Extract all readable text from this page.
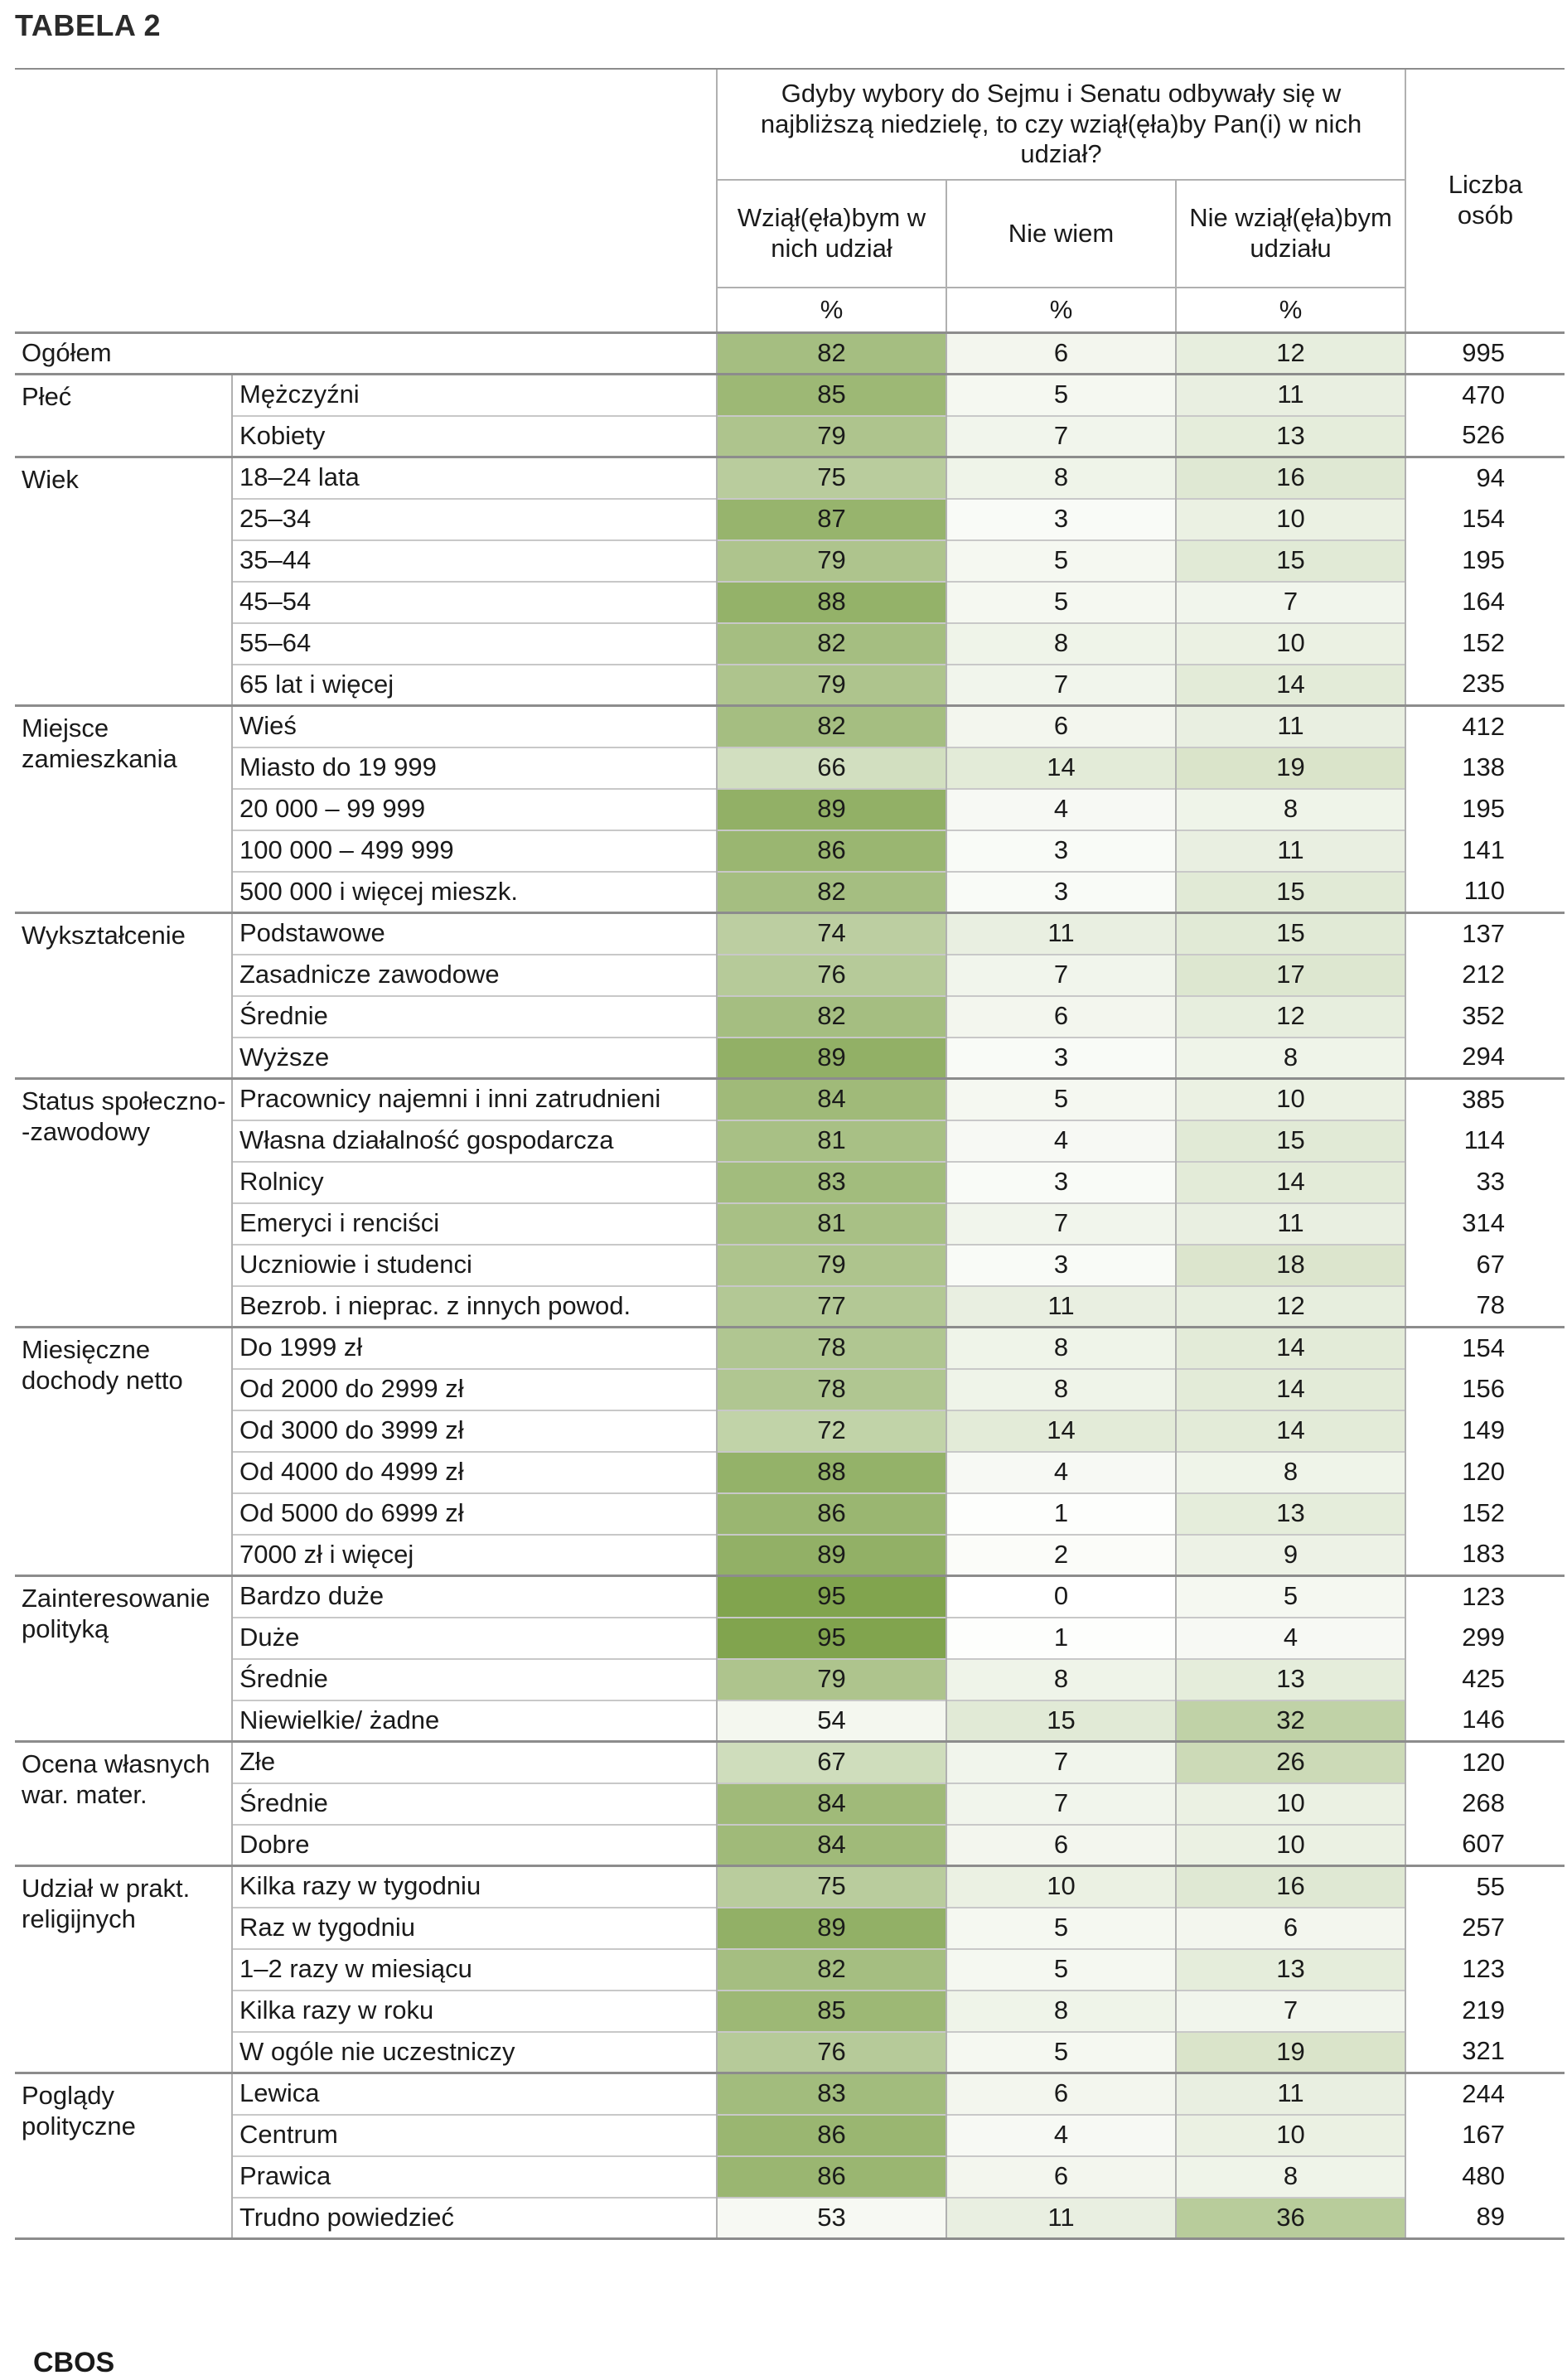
TABELA 2
		Gdyby wybory do Sejmu i Senatu odbywały się w najbliższą niedzielę, to czy wziął(ęła)by Pan(i) w nich udział?			Liczba osób
		Wziął(ęła)bym w nich udział	Nie wiem	Nie wziął(ęła)bym udziału	
		%	%	%	
Ogółem		82	6	12	995
Płeć	Mężczyźni	85	5	11	470
	Kobiety	79	7	13	526
Wiek	18–24 lata	75	8	16	94
	25–34	87	3	10	154
	35–44	79	5	15	195
	45–54	88	5	7	164
	55–64	82	8	10	152
	65 lat i więcej	79	7	14	235
Miejsce zamieszkania	Wieś	82	6	11	412
	Miasto do 19 999	66	14	19	138
	20 000 – 99 999	89	4	8	195
	100 000 – 499 999	86	3	11	141
	500 000 i więcej mieszk.	82	3	15	110
Wykształcenie	Podstawowe	74	11	15	137
	Zasadnicze zawodowe	76	7	17	212
	Średnie	82	6	12	352
	Wyższe	89	3	8	294
Status społeczno--zawodowy	Pracownicy najemni i inni zatrudnieni	84	5	10	385
	Własna działalność gospodarcza	81	4	15	114
	Rolnicy	83	3	14	33
	Emeryci i renciści	81	7	11	314
	Uczniowie i studenci	79	3	18	67
	Bezrob. i nieprac. z innych powod.	77	11	12	78
Miesięczne dochody netto	Do 1999 zł	78	8	14	154
	Od 2000 do 2999 zł	78	8	14	156
	Od 3000 do 3999 zł	72	14	14	149
	Od 4000 do 4999 zł	88	4	8	120
	Od 5000 do 6999 zł	86	1	13	152
	7000 zł i więcej	89	2	9	183
Zainteresowanie polityką	Bardzo duże	95	0	5	123
	Duże	95	1	4	299
	Średnie	79	8	13	425
	Niewielkie/ żadne	54	15	32	146
Ocena własnych war. mater.	Złe	67	7	26	120
	Średnie	84	7	10	268
	Dobre	84	6	10	607
Udział w prakt. religijnych	Kilka razy w tygodniu	75	10	16	55
	Raz w tygodniu	89	5	6	257
	1–2 razy w miesiącu	82	5	13	123
	Kilka razy w roku	85	8	7	219
	W ogóle nie uczestniczy	76	5	19	321
Poglądy polityczne	Lewica	83	6	11	244
	Centrum	86	4	10	167
	Prawica	86	6	8	480
	Trudno powiedzieć	53	11	36	89
CBOS
